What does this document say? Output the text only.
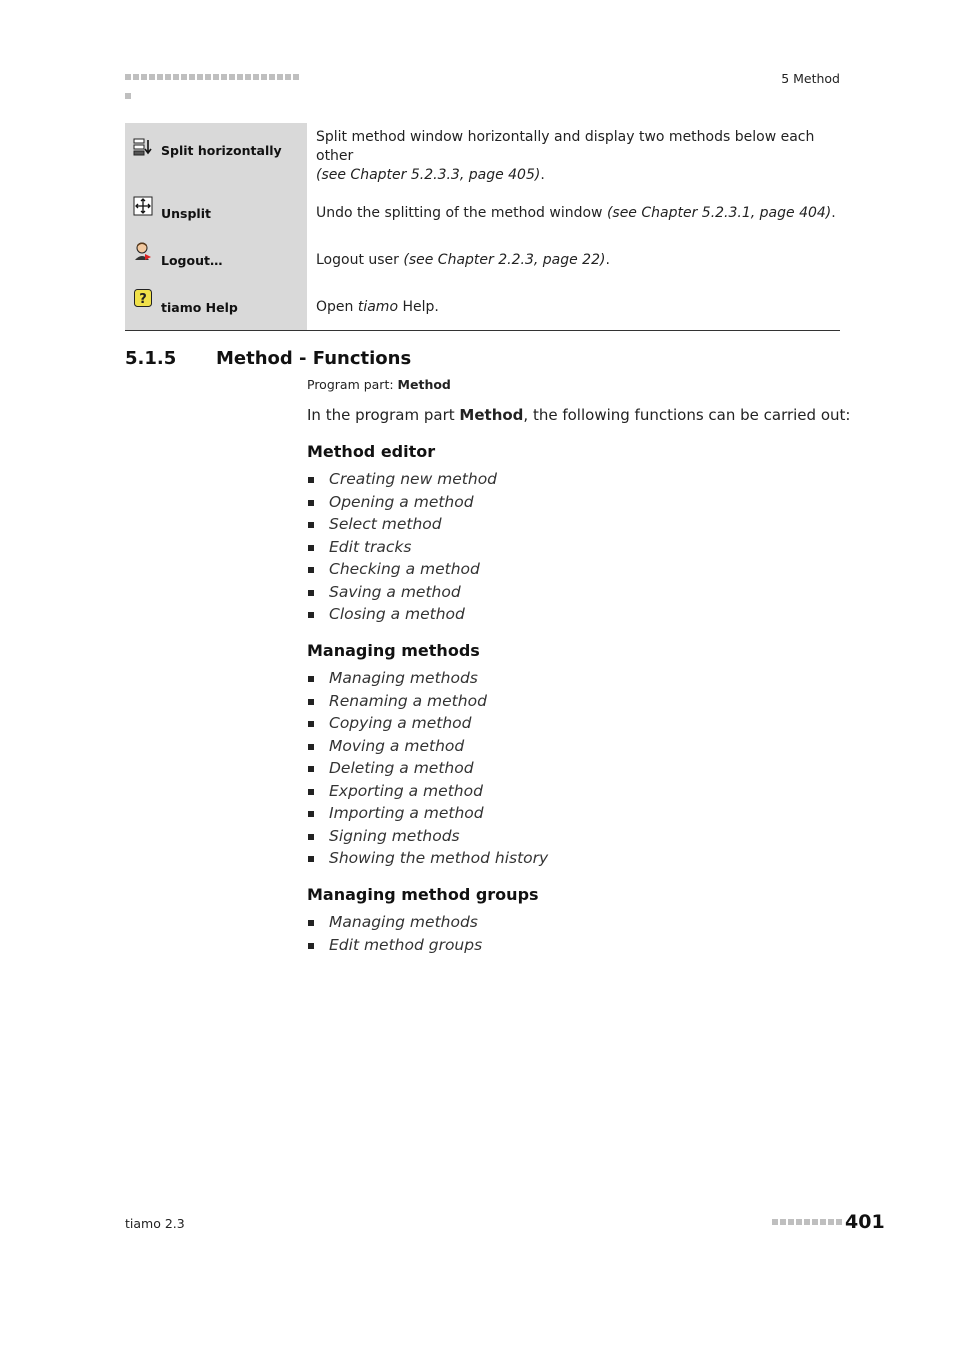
5 Method
Split horizontally	Split method window horizontally and display two methods below each other
(see Chapter 5.2.3.3, page 405).

Unsplit	Undo the splitting of the method window (see Chapter 5.2.3.1, page 404).

Logout…	Logout user (see Chapter 2.2.3, page 22).

?
tiamo Help	Open tiamo Help.
5.1.5 Method - Functions
Program part: Method
In the program part Method, the following functions can be carried out:
Method editor
Creating new method
Opening a method
Select method
Edit tracks
Checking a method
Saving a method
Closing a method
Managing methods
Managing methods
Renaming a method
Copying a method
Moving a method
Deleting a method
Exporting a method
Importing a method
Signing methods
Showing the method history
Managing method groups
Managing methods
Edit method groups
tiamo 2.3	401
